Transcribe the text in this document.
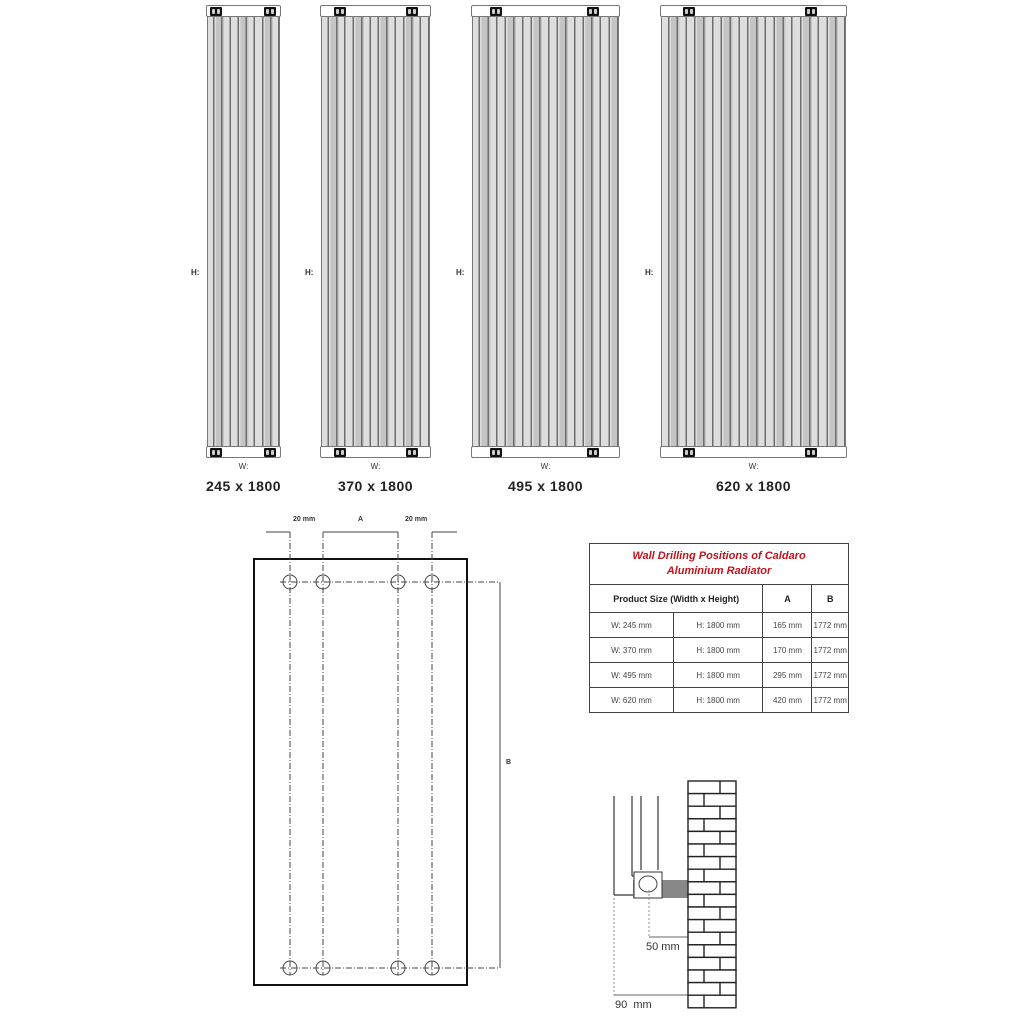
H:
W:
245 x 1800
H:
W:
370 x 1800
H:
W:
495 x 1800
H:
W:
620 x 1800
20 mm	A	20 mm
B
Wall Drilling Positions of Caldaro
Aluminium Radiator			
Product Size (Width x Height)		A	B
W: 245 mm	H: 1800 mm	165 mm	1772 mm
W: 370 mm	H: 1800 mm	170 mm	1772 mm
W: 495 mm	H: 1800 mm	295 mm	1772 mm
W: 620 mm	H: 1800 mm	420 mm	1772 mm
50 mm
90  mm
